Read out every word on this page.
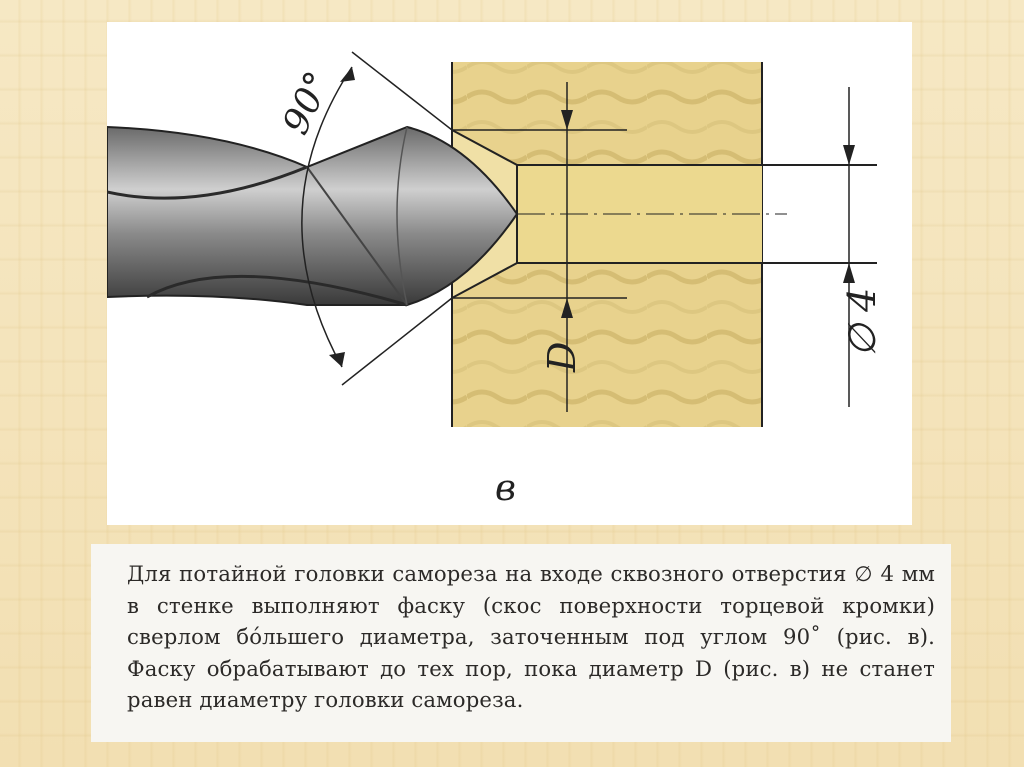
90°
D	∅ 4
в

Для потайной головки самореза на входе сквозного отверстия ∅ 4 мм в стенке выполняют фаску (скос поверхности торцевой кромки) сверлом бо́льшего диаметра, заточенным под углом 90˚ (рис. в). Фаску обрабатывают до тех пор, пока диаметр D (рис. в) не станет равен диаметру головки самореза.
